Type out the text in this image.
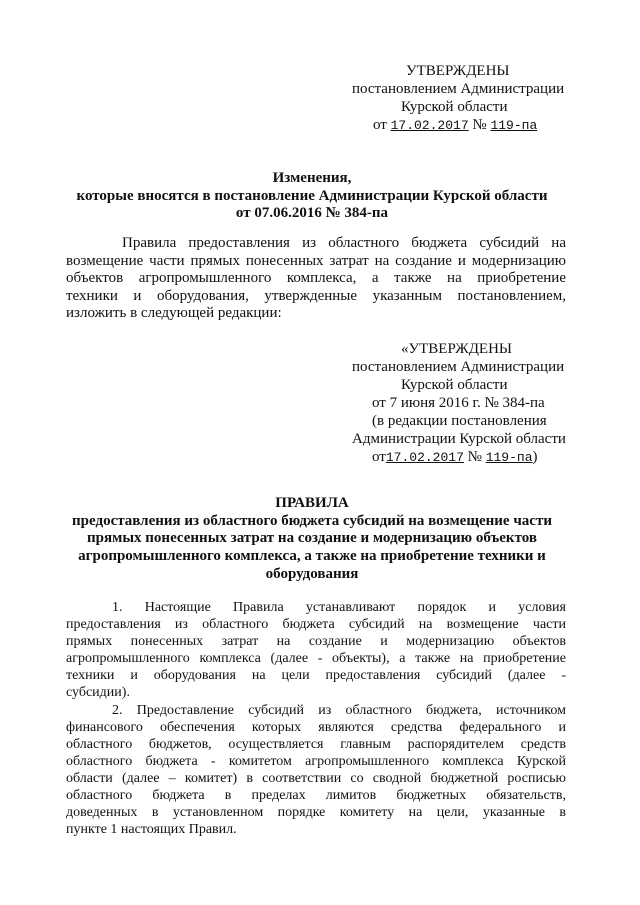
УТВЕРЖДЕНЫ
постановлением Администрации
Курской области
от 17.02.2017 № 119-па
Изменения,
которые вносятся в постановление Администрации Курской области
от 07.06.2016 № 384-па
Правила предоставления из областного бюджета субсидий на
возмещение части прямых понесенных затрат на создание и модернизацию
объектов агропромышленного комплекса, а также на приобретение
техники и оборудования, утвержденные указанным постановлением,
изложить в следующей редакции:
«УТВЕРЖДЕНЫ
постановлением Администрации
Курской области
от 7 июня 2016 г. № 384-па
(в редакции постановления
Администрации Курской области
от17.02.2017 № 119-па)
ПРАВИЛА
предоставления из областного бюджета субсидий на возмещение части
прямых понесенных затрат на создание и модернизацию объектов
агропромышленного комплекса, а также на приобретение техники и
оборудования
1. Настоящие Правила устанавливают порядок и условия
предоставления из областного бюджета субсидий на возмещение части
прямых понесенных затрат на создание и модернизацию объектов
агропромышленного комплекса (далее - объекты), а также на приобретение
техники и оборудования на цели предоставления субсидий (далее -
субсидии).
2. Предоставление субсидий из областного бюджета, источником
финансового обеспечения которых являются средства федерального и
областного бюджетов, осуществляется главным распорядителем средств
областного бюджета - комитетом агропромышленного комплекса Курской
области (далее – комитет) в соответствии со сводной бюджетной росписью
областного бюджета в пределах лимитов бюджетных обязательств,
доведенных в установленном порядке комитету на цели, указанные в
пункте 1 настоящих Правил.
